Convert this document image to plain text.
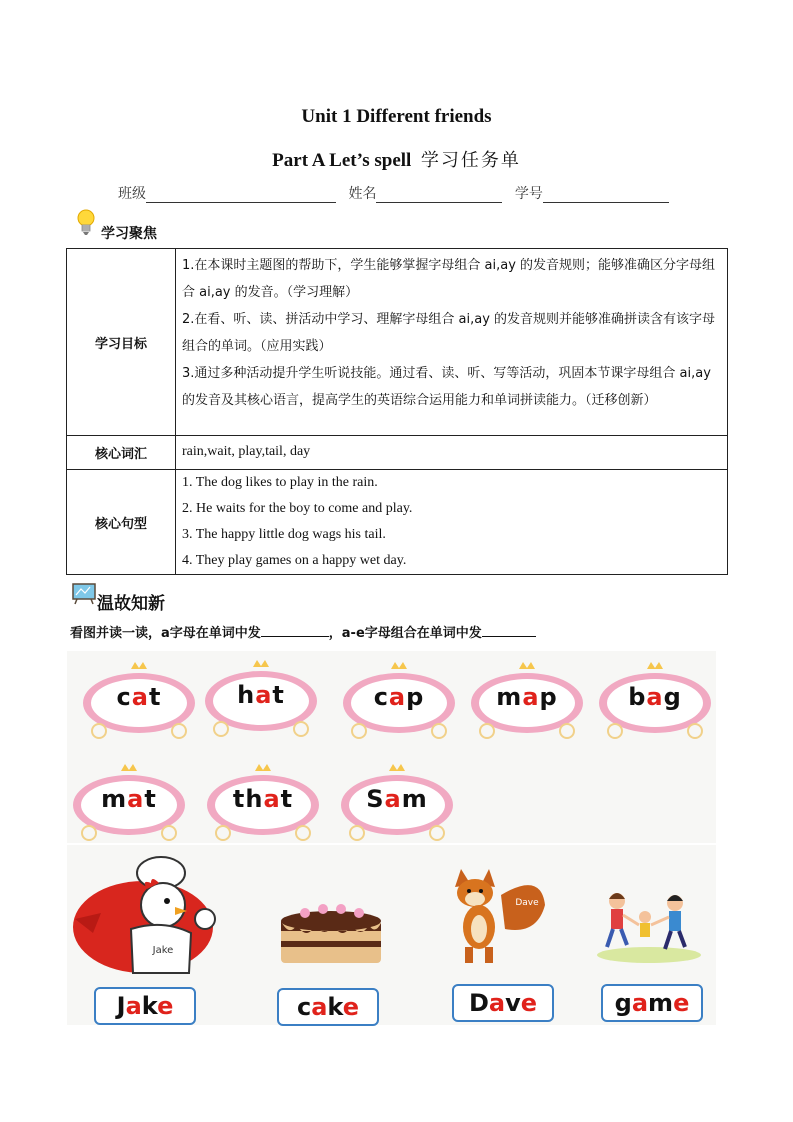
Unit 1 Different friends
Part A Let’s spell 学习任务单
班级	姓名	学号
学习聚焦
学习目标	1.在本课时主题图的帮助下，学生能够掌握字母组合 ai,ay 的发音规则；能够准确区分字母组合 ai,ay 的发音。（学习理解）

2.在看、听、读、拼活动中学习、理解字母组合 ai,ay 的发音规则并能够准确拼读含有该字母组合的单词。（应用实践）

3.通过多种活动提升学生听说技能。通过看、读、听、写等活动，巩固本节课字母组合 ai,ay 的发音及其核心语言，提高学生的英语综合运用能力和单词拼读能力。（迁移创新）

核心词汇	rain,wait, play,tail, day

核心句型	1. The dog likes to play in the rain.

2. He waits for the boy to come and play.

3. The happy little dog wags his tail.

4. They play games on a happy wet day.

温故知新
看图并读一读，a字母在单词中发	，a-e字母组合在单词中发
cat	hat	cap	map	bag
mat	that	Sam
Jake
Dave
Jake	cake	Dave	game
